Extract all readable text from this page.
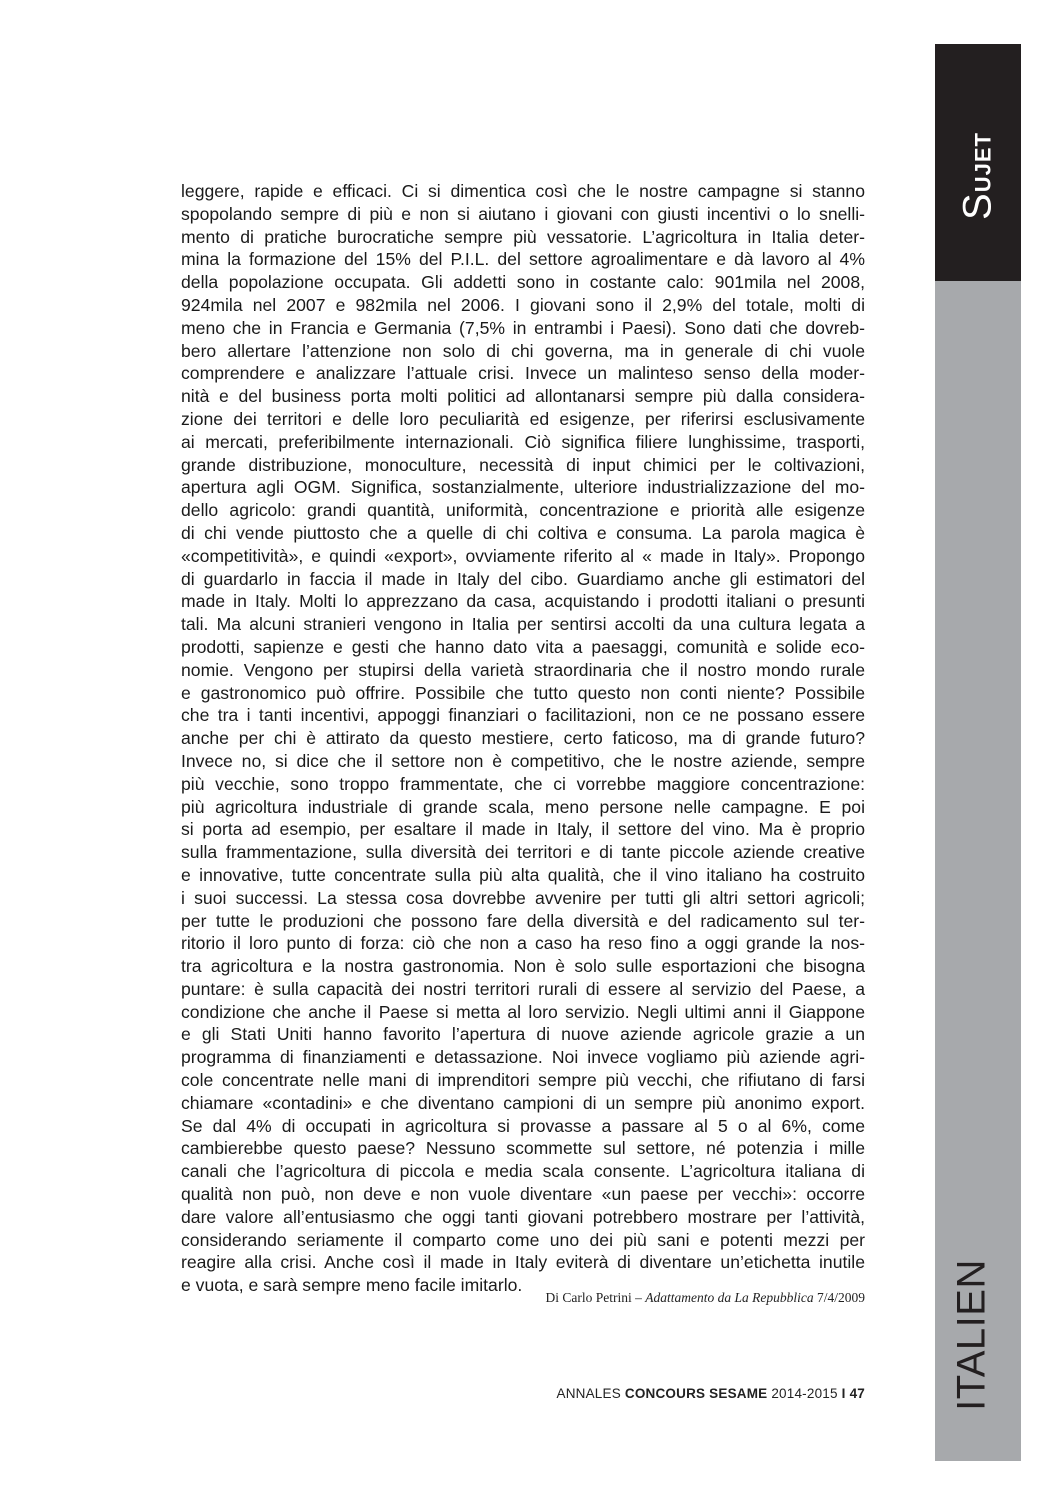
SUJET
ITALIEN
leggere, rapide e efficaci. Ci si dimentica così che le nostre campagne si stanno
spopolando sempre di più e non si aiutano i giovani con giusti incentivi o lo snelli-
mento di pratiche burocratiche sempre più vessatorie. L’agricoltura in Italia deter-
mina la formazione del 15% del P.I.L. del settore agroalimentare e dà lavoro al 4%
della popolazione occupata. Gli addetti sono in costante calo: 901mila nel 2008,
924mila nel 2007 e 982mila nel 2006. I giovani sono il 2,9% del totale, molti di
meno che in Francia e Germania (7,5% in entrambi i Paesi). Sono dati che dovreb-
bero allertare l’attenzione non solo di chi governa, ma in generale di chi vuole
comprendere e analizzare l’attuale crisi. Invece un malinteso senso della moder-
nità e del business porta molti politici ad allontanarsi sempre più dalla considera-
zione dei territori e delle loro peculiarità ed esigenze, per riferirsi esclusivamente
ai mercati, preferibilmente internazionali. Ciò significa filiere lunghissime, trasporti,
grande distribuzione, monoculture, necessità di input chimici per le coltivazioni,
apertura agli OGM. Significa, sostanzialmente, ulteriore industrializzazione del mo-
dello agricolo: grandi quantità, uniformità, concentrazione e priorità alle esigenze
di chi vende piuttosto che a quelle di chi coltiva e consuma. La parola magica è
«competitività», e quindi «export», ovviamente riferito al « made in Italy». Propongo
di guardarlo in faccia il made in Italy del cibo. Guardiamo anche gli estimatori del
made in Italy. Molti lo apprezzano da casa, acquistando i prodotti italiani o presunti
tali. Ma alcuni stranieri vengono in Italia per sentirsi accolti da una cultura legata a
prodotti, sapienze e gesti che hanno dato vita a paesaggi, comunità e solide eco-
nomie. Vengono per stupirsi della varietà straordinaria che il nostro mondo rurale
e gastronomico può offrire. Possibile che tutto questo non conti niente? Possibile
che tra i tanti incentivi, appoggi finanziari o facilitazioni, non ce ne possano essere
anche per chi è attirato da questo mestiere, certo faticoso, ma di grande futuro?
Invece no, si dice che il settore non è competitivo, che le nostre aziende, sempre
più vecchie, sono troppo frammentate, che ci vorrebbe maggiore concentrazione:
più agricoltura industriale di grande scala, meno persone nelle campagne. E poi
si porta ad esempio, per esaltare il made in Italy, il settore del vino. Ma è proprio
sulla frammentazione, sulla diversità dei territori e di tante piccole aziende creative
e innovative, tutte concentrate sulla più alta qualità, che il vino italiano ha costruito
i suoi successi. La stessa cosa dovrebbe avvenire per tutti gli altri settori agricoli;
per tutte le produzioni che possono fare della diversità e del radicamento sul ter-
ritorio il loro punto di forza: ciò che non a caso ha reso fino a oggi grande la nos-
tra agricoltura e la nostra gastronomia. Non è solo sulle esportazioni che bisogna
puntare: è sulla capacità dei nostri territori rurali di essere al servizio del Paese, a
condizione che anche il Paese si metta al loro servizio. Negli ultimi anni il Giappone
e gli Stati Uniti hanno favorito l’apertura di nuove aziende agricole grazie a un
programma di finanziamenti e detassazione. Noi invece vogliamo più aziende agri-
cole concentrate nelle mani di imprenditori sempre più vecchi, che rifiutano di farsi
chiamare «contadini» e che diventano campioni di un sempre più anonimo export.
Se dal 4% di occupati in agricoltura si provasse a passare al 5 o al 6%, come
cambierebbe questo paese? Nessuno scommette sul settore, né potenzia i mille
canali che l’agricoltura di piccola e media scala consente. L’agricoltura italiana di
qualità non può, non deve e non vuole diventare «un paese per vecchi»: occorre
dare valore all’entusiasmo che oggi tanti giovani potrebbero mostrare per l’attività,
considerando seriamente il comparto come uno dei più sani e potenti mezzi per
reagire alla crisi. Anche così il made in Italy eviterà di diventare un’etichetta inutile
e vuota, e sarà sempre meno facile imitarlo.
Di Carlo Petrini – Adattamento da La Repubblica 7/4/2009
ANNALES CONCOURS SESAME 2014-2015 I 47
